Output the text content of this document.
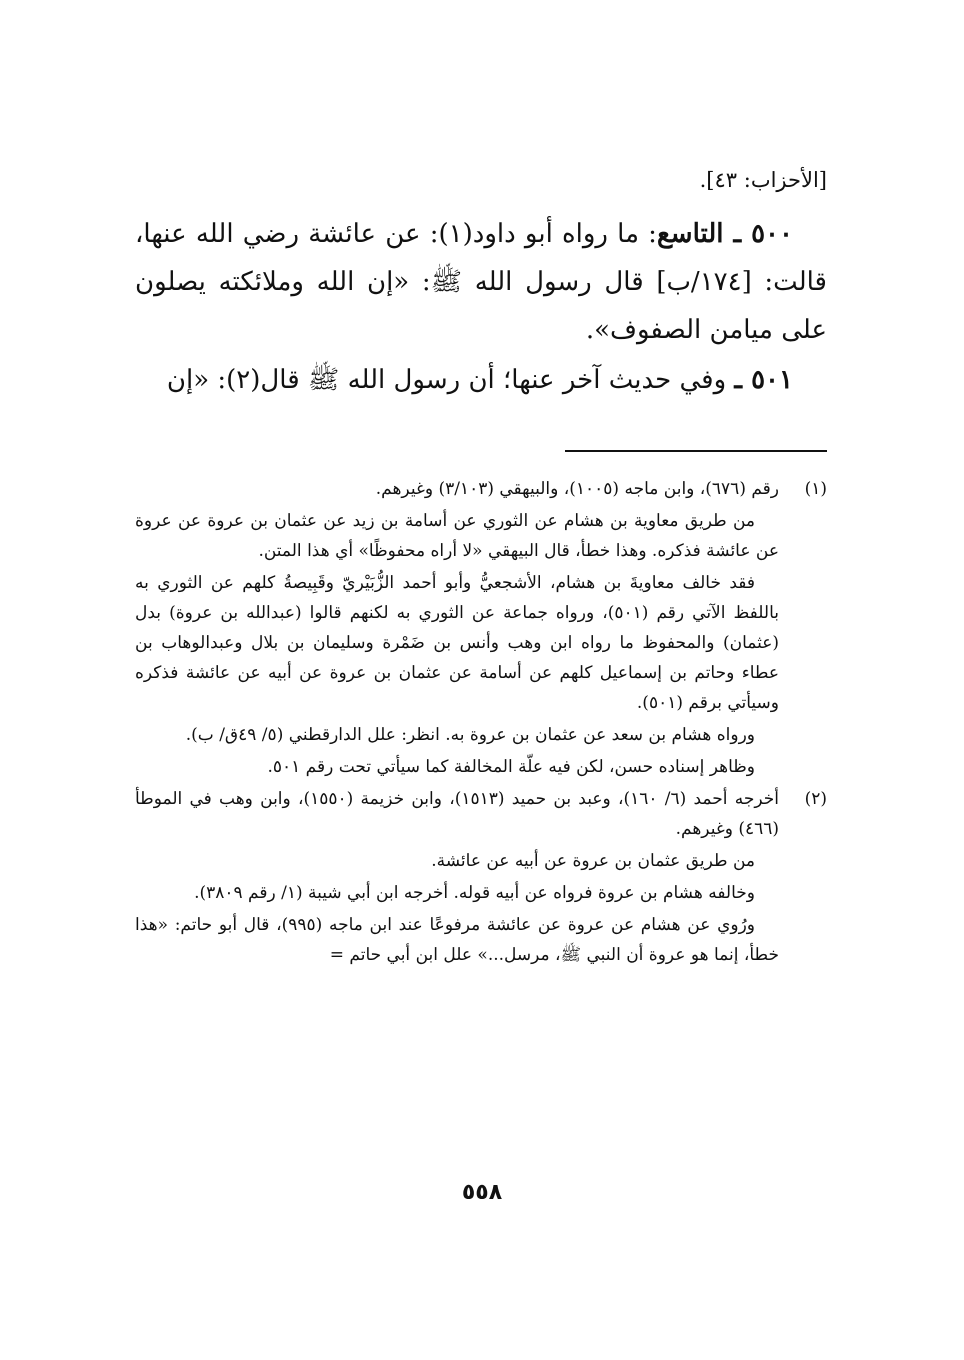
[الأحزاب: ٤٣].

٥٠٠ ـ التاسع: ما رواه أبو داود(١): عن عائشة رضي الله عنها، قالت: [١٧٤/ب] قال رسول الله ﷺ: «إن الله وملائكته يصلون على ميامن الصفوف».

٥٠١ ـ وفي حديث آخر عنها؛ أن رسول الله ﷺ قال(٢): «إن

(١)

رقم (٦٧٦)، وابن ماجه (١٠٠٥)، والبيهقي (٣/١٠٣) وغيرهم.

من طريق معاوية بن هشام عن الثوري عن أسامة بن زيد عن عثمان بن عروة عن عروة عن عائشة فذكره. وهذا خطأ، قال البيهقي «لا أراه محفوظًا» أي هذا المتن.

فقد خالف معاويةَ بن هشام، الأشجعيُّ وأبو أحمد الزُّبَيْريّ وقَبِيصةُ كلهم عن الثوري به باللفظ الآتي رقم (٥٠١)، ورواه جماعة عن الثوري به لكنهم قالوا (عبدالله بن عروة) بدل (عثمان) والمحفوظ ما رواه ابن وهب وأنس بن ضَمْرة وسليمان بن بلال وعبدالوهاب بن عطاء وحاتم بن إسماعيل كلهم عن أسامة عن عثمان بن عروة عن أبيه عن عائشة فذكره وسيأتي برقم (٥٠١).

ورواه هشام بن سعد عن عثمان بن عروة به. انظر: علل الدارقطني (٥/ ٤٩ق/ ب).

وظاهر إسناده حسن، لكن فيه علّة المخالفة كما سيأتي تحت رقم ٥٠١.

(٢)

أخرجه أحمد (٦/ ١٦٠)، وعبد بن حميد (١٥١٣)، وابن خزيمة (١٥٥٠)، وابن وهب في الموطأ (٤٦٦) وغيرهم.

من طريق عثمان بن عروة عن أبيه عن عائشة.

وخالفه هشام بن عروة فرواه عن أبيه قوله. أخرجه ابن أبي شيبة (١/ رقم ٣٨٠٩).

ورُوي عن هشام عن عروة عن عائشة مرفوعًا عند ابن ماجه (٩٩٥)، قال أبو حاتم: «هذا خطأ، إنما هو عروة أن النبي ﷺ، مرسل...» علل ابن أبي حاتم =

٥٥٨
